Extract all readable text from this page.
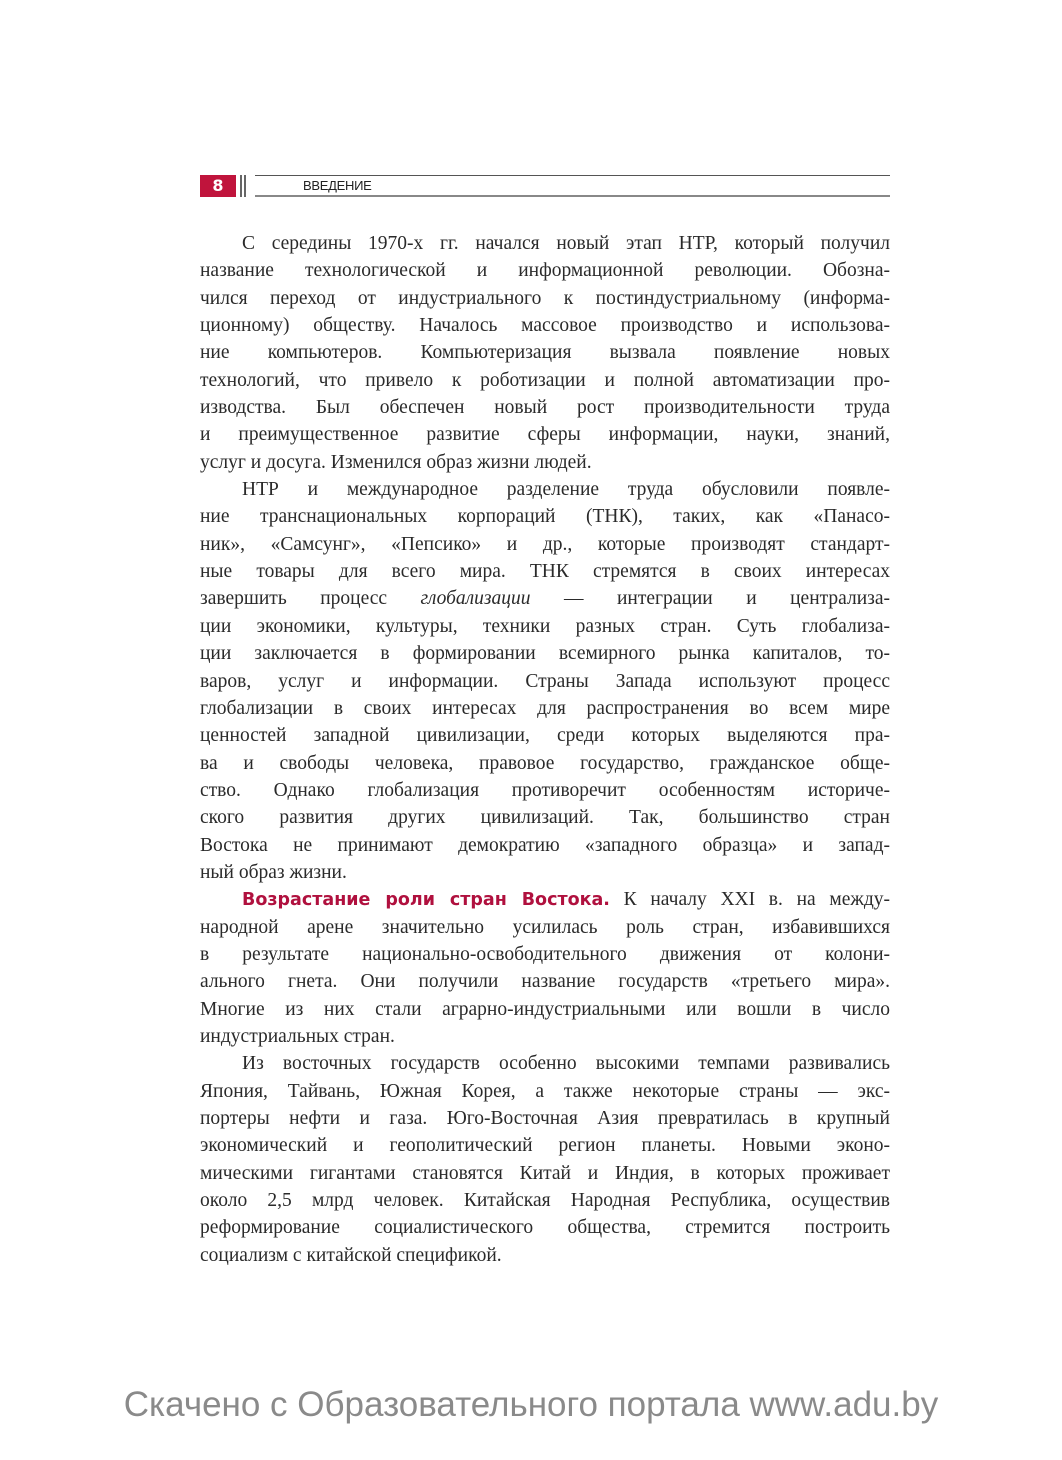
8	ВВЕДЕНИЕ
С середины 1970-х гг. начался новый этап НТР, который получил
название технологической и информационной революции. Обозна-
чился переход от индустриального к постиндустриальному (информа-
ционному) обществу. Началось массовое производство и использова-
ние компьютеров. Компьютеризация вызвала появление новых
технологий, что привело к роботизации и полной автоматизации про-
изводства. Был обеспечен новый рост производительности труда
и преимущественное развитие сферы информации, науки, знаний,
услуг и досуга. Изменился образ жизни людей.
НТР и международное разделение труда обусловили появле-
ние транснациональных корпораций (ТНК), таких, как «Панасо-
ник», «Самсунг», «Пепсико» и др., которые производят стандарт-
ные товары для всего мира. ТНК стремятся в своих интересах
завершить процесс глобализации — интеграции и централиза-
ции экономики, культуры, техники разных стран. Суть глобализа-
ции заключается в формировании всемирного рынка капиталов, то-
варов, услуг и информации. Страны Запада используют процесс
глобализации в своих интересах для распространения во всем мире
ценностей западной цивилизации, среди которых выделяются пра-
ва и свободы человека, правовое государство, гражданское обще-
ство. Однако глобализация противоречит особенностям историче-
ского развития других цивилизаций. Так, большинство стран
Востока не принимают демократию «западного образца» и запад-
ный образ жизни.
Возрастание роли стран Востока. К началу XXI в. на между-
народной арене значительно усилилась роль стран, избавившихся
в результате национально-освободительного движения от колони-
ального гнета. Они получили название государств «третьего мира».
Многие из них стали аграрно-индустриальными или вошли в число
индустриальных стран.
Из восточных государств особенно высокими темпами развивались
Япония, Тайвань, Южная Корея, а также некоторые страны — экс-
портеры нефти и газа. Юго-Восточная Азия превратилась в крупный
экономический и геополитический регион планеты. Новыми эконо-
мическими гигантами становятся Китай и Индия, в которых проживает
около 2,5 млрд человек. Китайская Народная Республика, осуществив
реформирование социалистического общества, стремится построить
социализм с китайской спецификой.
Скачено с Образовательного портала www.adu.by
